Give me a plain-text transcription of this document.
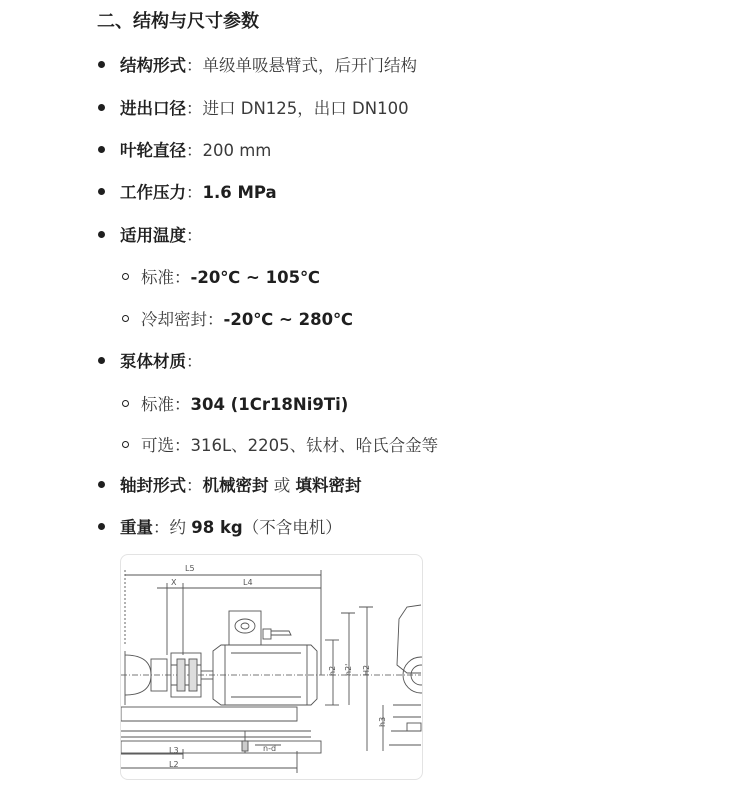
二、结构与尺寸参数
结构形式：单级单吸悬臂式，后开门结构
进出口径：进口 DN125，出口 DN100
叶轮直径：200 mm
工作压力：1.6 MPa
适用温度：
标准：-20℃ ~ 105℃
冷却密封：-20℃ ~ 280℃
泵体材质：
标准：304 (1Cr18Ni9Ti)
可选：316L、2205、钛材、哈氏合金等
轴封形式：机械密封 或 填料密封
重量：约 98 kg（不含电机）
L5
X	L4
h2 h2' H2
h3
L3	n-d
L2
